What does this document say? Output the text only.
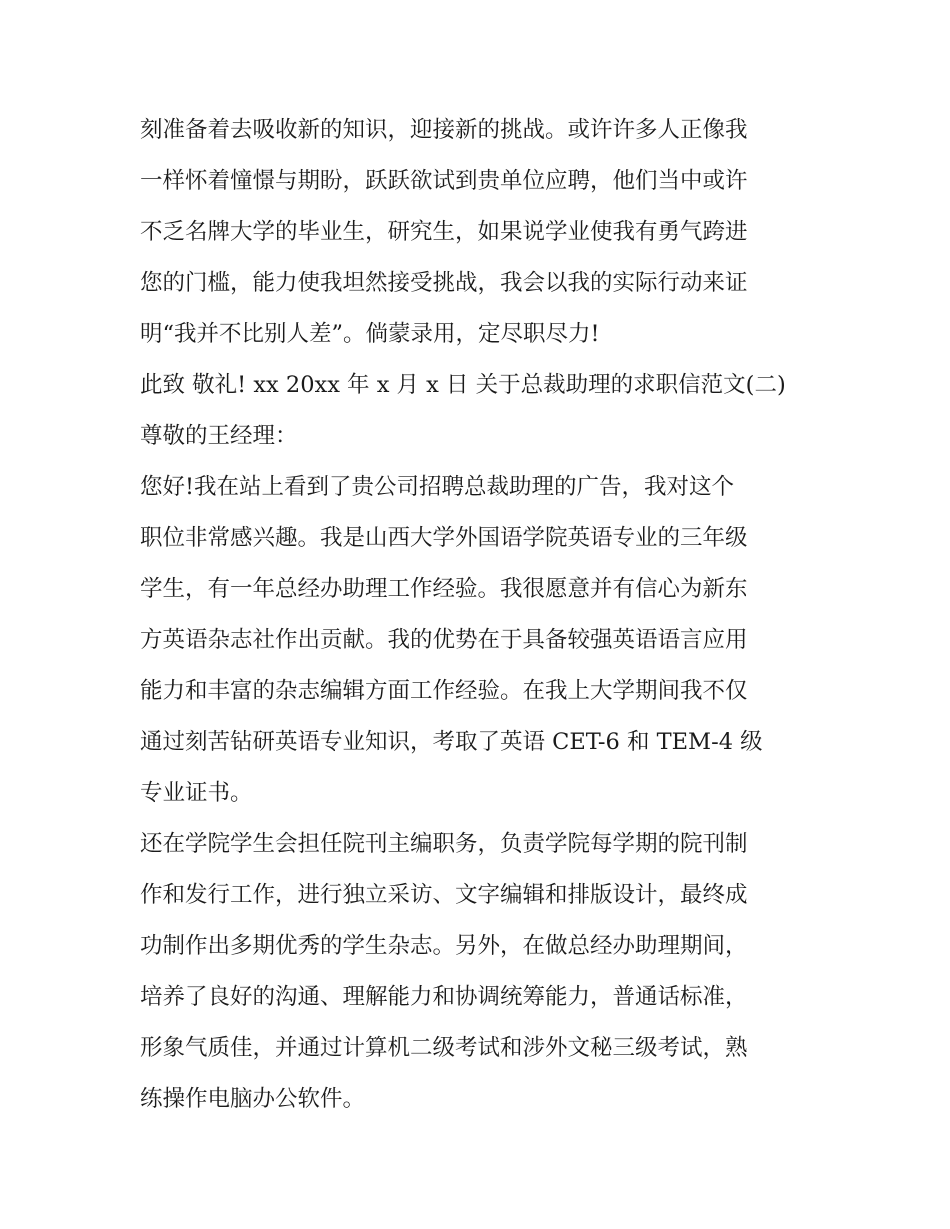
刻准备着去吸收新的知识，迎接新的挑战。或许许多人正像我
一样怀着憧憬与期盼，跃跃欲试到贵单位应聘，他们当中或许
不乏名牌大学的毕业生，研究生，如果说学业使我有勇气跨进
您的门槛，能力使我坦然接受挑战，我会以我的实际行动来证
明“我并不比别人差”。倘蒙录用，定尽职尽力!
此致 敬礼! xx 20xx 年 x 月 x 日 关于总裁助理的求职信范文(二)
尊敬的王经理：
您好!我在站上看到了贵公司招聘总裁助理的广告，我对这个
职位非常感兴趣。我是山西大学外国语学院英语专业的三年级
学生，有一年总经办助理工作经验。我很愿意并有信心为新东
方英语杂志社作出贡献。我的优势在于具备较强英语语言应用
能力和丰富的杂志编辑方面工作经验。在我上大学期间我不仅
通过刻苦钻研英语专业知识，考取了英语 CET-6 和 TEM-4 级
专业证书。
还在学院学生会担任院刊主编职务，负责学院每学期的院刊制
作和发行工作，进行独立采访、文字编辑和排版设计，最终成
功制作出多期优秀的学生杂志。另外，在做总经办助理期间，
培养了良好的沟通、理解能力和协调统筹能力，普通话标准，
形象气质佳，并通过计算机二级考试和涉外文秘三级考试，熟
练操作电脑办公软件。
